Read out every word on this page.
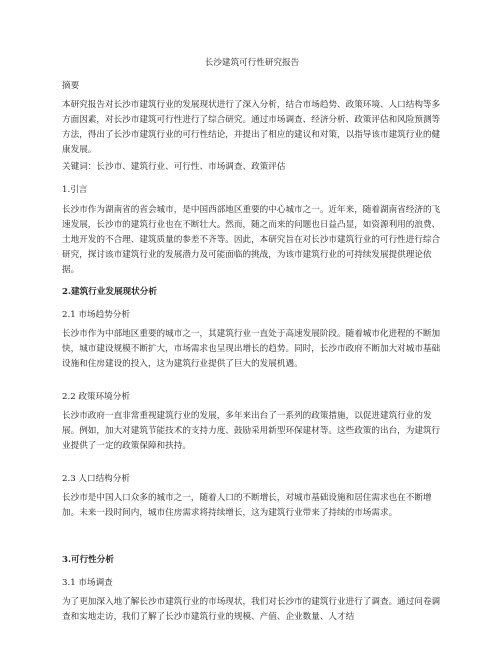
长沙建筑可行性研究报告
摘要
本研究报告对长沙市建筑行业的发展现状进行了深入分析，结合市场趋势、政策环境、人口结构等多方面因素，对长沙市建筑可行性进行了综合研究。通过市场调查、经济分析、政策评估和风险预测等方法，得出了长沙市建筑行业的可行性结论，并提出了相应的建议和对策，以指导该市建筑行业的健康发展。
关键词：长沙市、建筑行业、可行性、市场调查、政策评估
1.引言
长沙市作为湖南省的省会城市，是中国西部地区重要的中心城市之一。近年来，随着湖南省经济的飞速发展，长沙市的建筑行业也在不断壮大。然而，随之而来的问题也日益凸显，如资源利用的浪费、土地开发的不合理、建筑质量的参差不齐等。因此，本研究旨在对长沙市建筑行业的可行性进行综合研究，探讨该市建筑行业的发展潜力及可能面临的挑战，为该市建筑行业的可持续发展提供理论依据。
2.建筑行业发展现状分析
2.1 市场趋势分析
长沙市作为中部地区重要的城市之一，其建筑行业一直处于高速发展阶段。随着城市化进程的不断加快，城市建设规模不断扩大，市场需求也呈现出增长的趋势。同时，长沙市政府不断加大对城市基础设施和住房建设的投入，这为建筑行业提供了巨大的发展机遇。
2.2 政策环境分析
长沙市政府一直非常重视建筑行业的发展，多年来出台了一系列的政策措施，以促进建筑行业的发展。例如，加大对建筑节能技术的支持力度、鼓励采用新型环保建材等。这些政策的出台，为建筑行业提供了一定的政策保障和扶持。
2.3 人口结构分析
长沙市是中国人口众多的城市之一，随着人口的不断增长，对城市基础设施和居住需求也在不断增加。未来一段时间内，城市住房需求将持续增长，这为建筑行业带来了持续的市场需求。
3.可行性分析
3.1 市场调查
为了更加深入地了解长沙市建筑行业的市场现状，我们对长沙市的建筑行业进行了调查。通过问卷调查和实地走访，我们了解了长沙市建筑行业的规模、产值、企业数量、人才结
